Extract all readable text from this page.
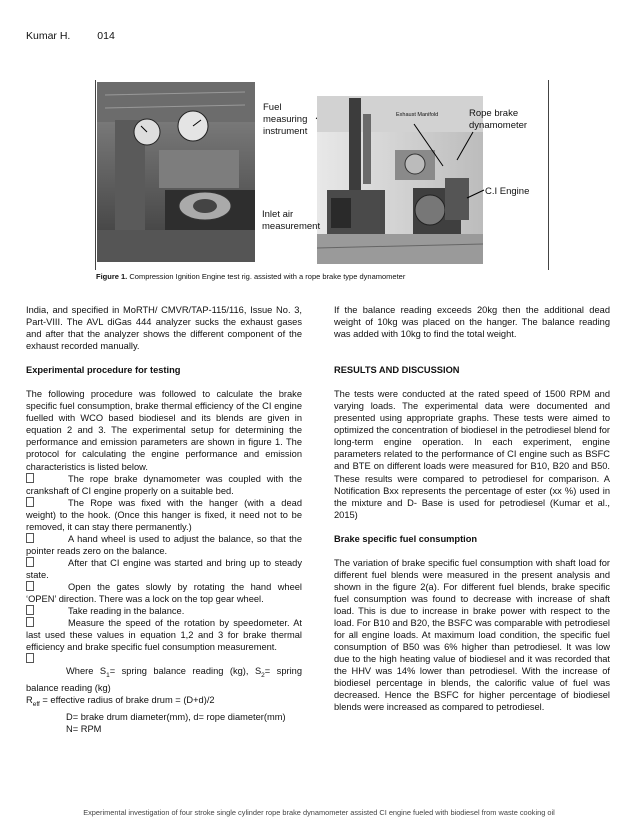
Kumar H.	014
Fuel measuring instrument Inlet air measurement
Exhaust Manifold	Rope brake dynamometer C.I Engine
Figure 1. Compression Ignition Engine test rig. assisted with a rope brake type dynamometer

India, and specified in MoRTH/ CMVR/TAP-115/116, Issue No. 3, Part-VIII. The AVL diGas 444 analyzer sucks the exhaust gases and after that the analyzer shows the different component of the exhaust recorded manually.

Experimental procedure for testing

The following procedure was followed to calculate the brake specific fuel consumption, brake thermal efficiency of the CI engine fuelled with WCO based biodiesel and its blends are given in equation 2 and 3. The experimental setup for determining the performance and emission parameters are shown in figure 1. The protocol for calculating the engine performance and emission characteristics is listed below.

The rope brake dynamometer was coupled with the crankshaft of CI engine properly on a suitable bed.

The Rope was fixed with the hanger (with a dead weight) to the hook. (Once this hanger is fixed, it need not to be removed, it can stay there permanently.)

A hand wheel is used to adjust the balance, so that the pointer reads zero on the balance.

After that CI engine was started and bring up to steady state.

Open the gates slowly by rotating the hand wheel ‘OPEN’ direction. There was a lock on the top gear wheel.

Take reading in the balance.

Measure the speed of the rotation by speedometer. At last used these values in equation 1,2 and 3 for brake thermal efficiency and brake specific fuel consumption measurement.

Where $S_1=$ spring balance reading (kg), $S_2=$ spring balance reading (kg)

$R_{eff}$ = effective radius of brake drum = (D+d)/2

D= brake drum diameter(mm), d= rope diameter(mm)

N= RPM

If the balance reading exceeds 20kg then the additional dead weight of 10kg was placed on the hanger. The balance reading was added with 10kg to find the total weight.

RESULTS AND DISCUSSION

The tests were conducted at the rated speed of 1500 RPM and varying loads. The experimental data were documented and presented using appropriate graphs. These tests were aimed to optimized the concentration of biodiesel in the petrodiesel blend for long-term engine operation. In each experiment, engine parameters related to the performance of CI engine such as BSFC and BTE on different loads were measured for B10, B20 and B50. These results were compared to petrodiesel for comparison. A Notification Bxx represents the percentage of ester (xx %) used in the mixture and D- Base is used for petrodiesel (Kumar et al., 2015)

Brake specific fuel consumption

The variation of brake specific fuel consumption with shaft load for different fuel blends were measured in the present analysis and shown in the figure 2(a). For different fuel blends, brake specific fuel consumption was found to decrease with increase of shaft load. This is due to increase in brake power with respect to the load. For B10 and B20, the BSFC was comparable with petrodiesel for all engine loads. At maximum load condition, the specific fuel consumption of B50 was 6% higher than petrodiesel. It was low due to the high heating value of biodiesel and it was recorded that the HHV was 14% lower than petrodiesel. With the increase of biodiesel percentage in blends, the calorific value of fuel was decreased. Hence the BSFC for higher percentage of biodiesel blends were increased as compared to petrodiesel.

Experimental investigation of four stroke single cylinder rope brake dynamometer assisted CI engine fueled with biodiesel from waste cooking oil
